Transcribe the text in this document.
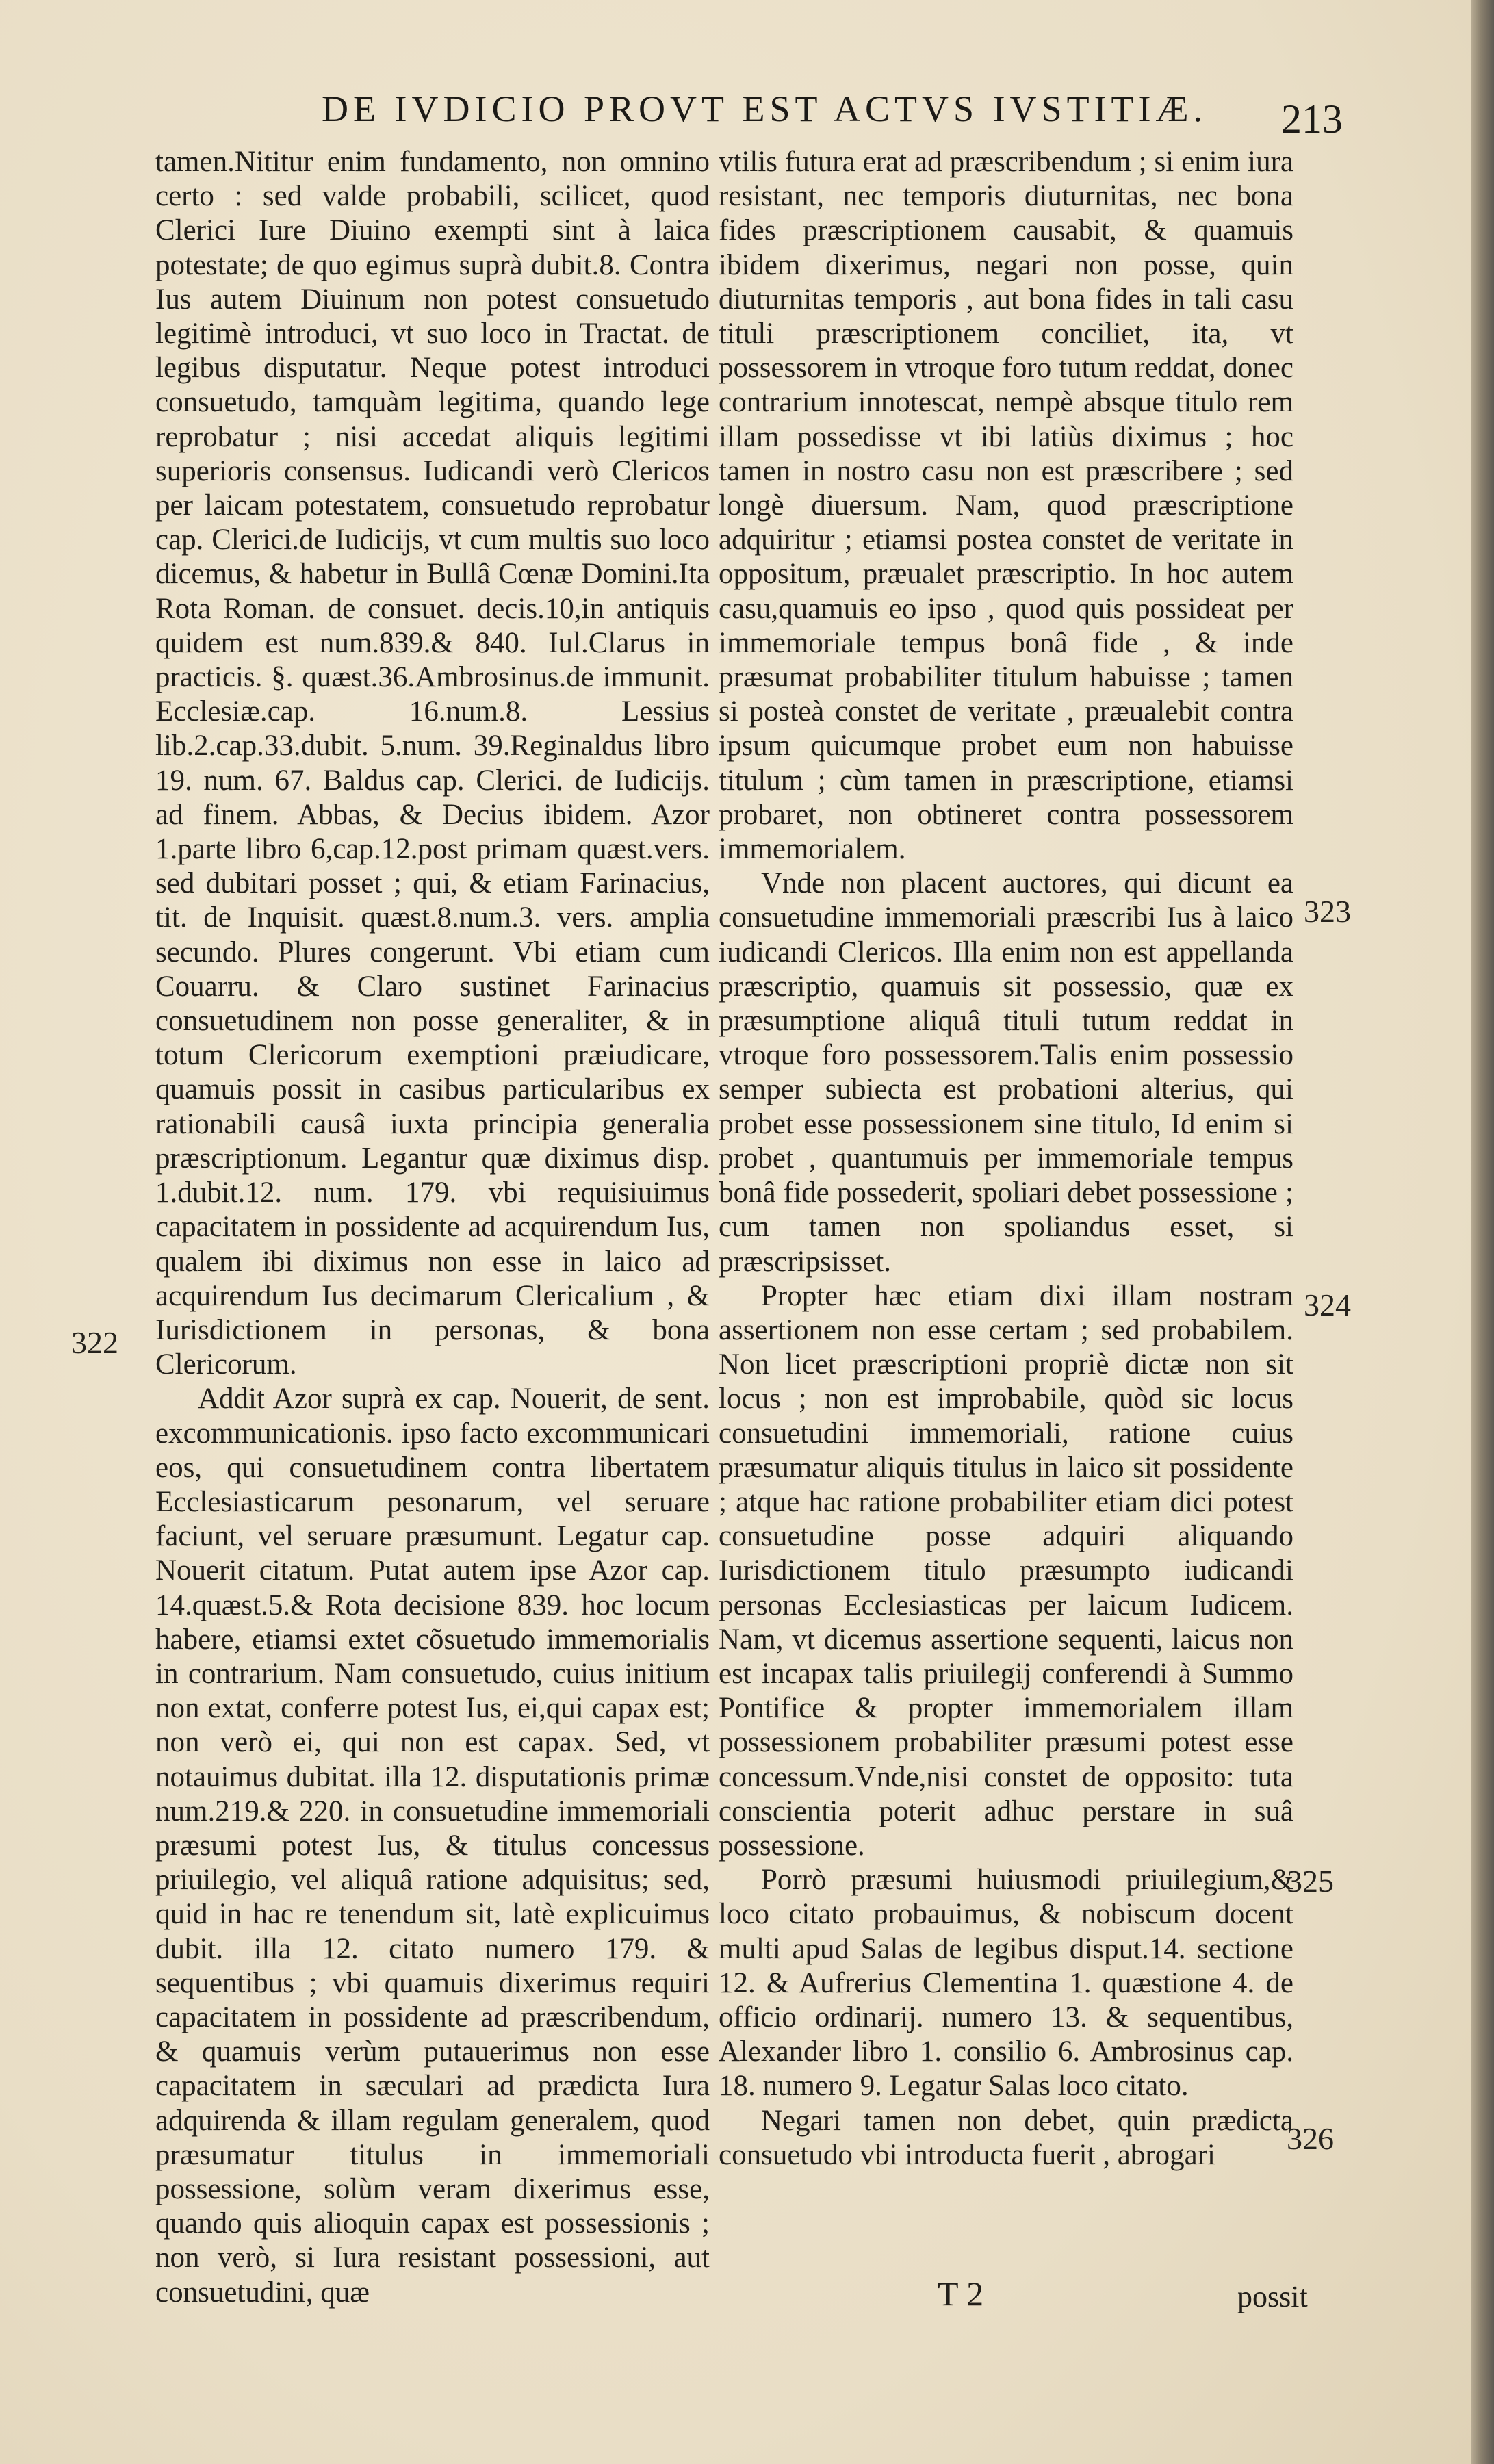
DE IVDICIO PROVT EST ACTVS IVSTITIÆ.	213

tamen.Nititur enim fundamento, non omnino certo : sed valde probabili, scilicet, quod Clerici Iure Diuino exempti sint à laica potestate; de quo egimus suprà dubit.8. Contra Ius autem Diuinum non potest consuetudo legitimè introduci, vt suo loco in Tractat. de legibus disputatur. Neque potest introduci consuetudo, tamquàm legitima, quando lege reprobatur ; nisi accedat aliquis legitimi superioris consensus. Iudicandi verò Clericos per laicam potestatem, consuetudo reprobatur cap. Clerici.de Iudicijs, vt cum multis suo loco dicemus, & habetur in Bullâ Cœnæ Domini.Ita Rota Roman. de consuet. decis.10,in antiquis quidem est num.839.& 840. Iul.Clarus in practicis. §. quæst.36.Ambrosinus.de immunit. Ecclesiæ.cap. 16.num.8. Lessius lib.2.cap.33.dubit. 5.num. 39.Reginaldus libro 19. num. 67. Baldus cap. Clerici. de Iudicijs. ad finem. Abbas, & Decius ibidem. Azor 1.parte libro 6,cap.12.post primam quæst.vers. sed dubitari posset ; qui, & etiam Farinacius, tit. de Inquisit. quæst.8.num.3. vers. amplia secundo. Plures congerunt. Vbi etiam cum Couarru. & Claro sustinet Farinacius consuetudinem non posse generaliter, & in totum Clericorum exemptioni præiudicare, quamuis possit in casibus particularibus ex rationabili causâ iuxta principia generalia præscriptionum. Legantur quæ diximus disp. 1.dubit.12. num. 179. vbi requisiuimus capacitatem in possidente ad acquirendum Ius, qualem ibi diximus non esse in laico ad acquirendum Ius decimarum Clericalium , & Iurisdictionem in personas, & bona Clericorum.

Addit Azor suprà ex cap. Nouerit, de sent. excommunicationis. ipso facto excommunicari eos, qui consuetudinem contra libertatem Ecclesiasticarum pesonarum, vel seruare faciunt, vel seruare præsumunt. Legatur cap. Nouerit citatum. Putat autem ipse Azor cap. 14.quæst.5.& Rota decisione 839. hoc locum habere, etiamsi extet cõsuetudo immemorialis in contrarium. Nam consuetudo, cuius initium non extat, conferre potest Ius, ei,qui capax est; non verò ei, qui non est capax. Sed, vt notauimus dubitat. illa 12. disputationis primæ num.219.& 220. in consuetudine immemoriali præsumi potest Ius, & titulus concessus priuilegio, vel aliquâ ratione adquisitus; sed, quid in hac re tenendum sit, latè explicuimus dubit. illa 12. citato numero 179. & sequentibus ; vbi quamuis dixerimus requiri capacitatem in possidente ad præscribendum, & quamuis verùm putauerimus non esse capacitatem in sæculari ad prædicta Iura adquirenda & illam regulam generalem, quod præsumatur titulus in immemoriali possessione, solùm veram dixerimus esse, quando quis alioquin capax est possessionis ; non verò, si Iura resistant possessioni, aut consuetudini, quæ

vtilis futura erat ad præscribendum ; si enim iura resistant, nec temporis diuturnitas, nec bona fides præscriptionem causabit, & quamuis ibidem dixerimus, negari non posse, quin diuturnitas temporis , aut bona fides in tali casu tituli præscriptionem conciliet, ita, vt possessorem in vtroque foro tutum reddat, donec contrarium innotescat, nempè absque titulo rem illam possedisse vt ibi latiùs diximus ; hoc tamen in nostro casu non est præscribere ; sed longè diuersum. Nam, quod præscriptione adquiritur ; etiamsi postea constet de veritate in oppositum, præualet præscriptio. In hoc autem casu,quamuis eo ipso , quod quis possideat per immemoriale tempus bonâ fide , & inde præsumat probabiliter titulum habuisse ; tamen si posteà constet de veritate , præualebit contra ipsum quicumque probet eum non habuisse titulum ; cùm tamen in præscriptione, etiamsi probaret, non obtineret contra possessorem immemorialem.

Vnde non placent auctores, qui dicunt ea consuetudine immemoriali præscribi Ius à laico iudicandi Clericos. Illa enim non est appellanda præscriptio, quamuis sit possessio, quæ ex præsumptione aliquâ tituli tutum reddat in vtroque foro possessorem.Talis enim possessio semper subiecta est probationi alterius, qui probet esse possessionem sine titulo, Id enim si probet , quantumuis per immemoriale tempus bonâ fide possederit, spoliari debet possessione ; cum tamen non spoliandus esset, si præscripsisset.

Propter hæc etiam dixi illam nostram assertionem non esse certam ; sed probabilem. Non licet præscriptioni propriè dictæ non sit locus ; non est improbabile, quòd sic locus consuetudini immemoriali, ratione cuius præsumatur aliquis titulus in laico sit possidente ; atque hac ratione probabiliter etiam dici potest consuetudine posse adquiri aliquando Iurisdictionem titulo præsumpto iudicandi personas Ecclesiasticas per laicum Iudicem. Nam, vt dicemus assertione sequenti, laicus non est incapax talis priuilegij conferendi à Summo Pontifice & propter immemorialem illam possessionem probabiliter præsumi potest esse concessum.Vnde,nisi constet de opposito: tuta conscientia poterit adhuc perstare in suâ possessione.

Porrò præsumi huiusmodi priuilegium,& loco citato probauimus, & nobiscum docent multi apud Salas de legibus disput.14. sectione 12. & Aufrerius Clementina 1. quæstione 4. de officio ordinarij. numero 13. & sequentibus, Alexander libro 1. consilio 6. Ambrosinus cap. 18. numero 9. Legatur Salas loco citato.

Negari tamen non debet, quin prædicta consuetudo vbi introducta fuerit , abrogari

322
323
324
325
326
T 2	possit
